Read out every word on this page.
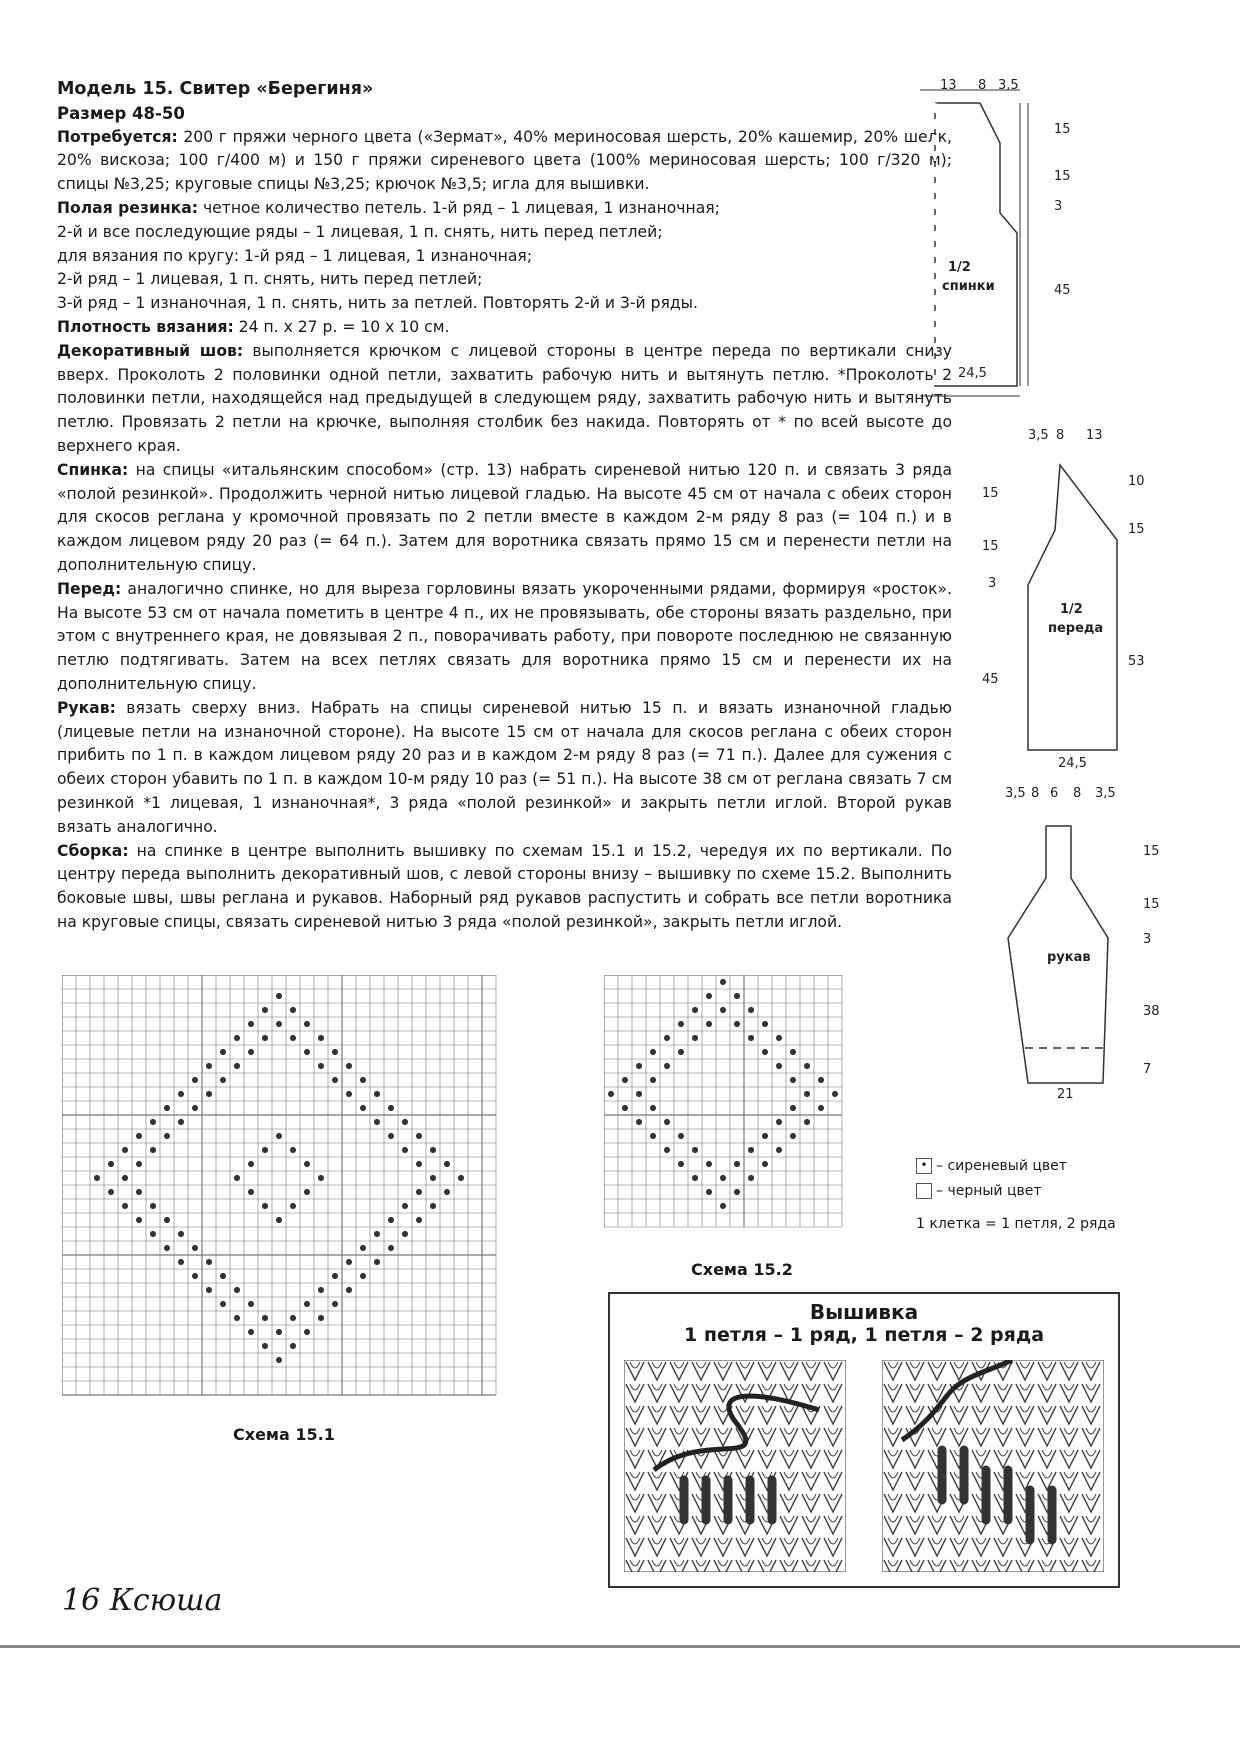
Модель 15. Свитер «Берегиня»

Размер 48-50

Потребуется: 200 г пряжи черного цвета («Зермат», 40% мериносовая шерсть, 20% кашемир, 20% шелк, 20% вискоза; 100 г/400 м) и 150 г пряжи сиреневого цвета (100% мериносовая шерсть; 100 г/320 м); спицы №3,25; круговые спицы №3,25; крючок №3,5; игла для вышивки.

Полая резинка: четное количество петель. 1-й ряд – 1 лицевая, 1 изнаночная;

2-й и все последующие ряды – 1 лицевая, 1 п. снять, нить перед петлей;

для вязания по кругу: 1-й ряд – 1 лицевая, 1 изнаночная;

2-й ряд – 1 лицевая, 1 п. снять, нить перед петлей;

3-й ряд – 1 изнаночная, 1 п. снять, нить за петлей. Повторять 2-й и 3-й ряды.

Плотность вязания: 24 п. х 27 р. = 10 х 10 см.

Декоративный шов: выполняется крючком с лицевой стороны в центре переда по вертикали снизу вверх. Проколоть 2 половинки одной петли, захватить рабочую нить и вытянуть петлю. *Проколоть 2 половинки петли, находящейся над предыдущей в следующем ряду, захватить рабочую нить и вытянуть петлю. Провязать 2 петли на крючке, выполняя столбик без накида. Повторять от * по всей высоте до верхнего края.

Спинка: на спицы «итальянским способом» (стр. 13) набрать сиреневой нитью 120 п. и связать 3 ряда «полой резинкой». Продолжить черной нитью лицевой гладью. На высоте 45 см от начала с обеих сторон для скосов реглана у кромочной провязать по 2 петли вместе в каждом 2-м ряду 8 раз (= 104 п.) и в каждом лицевом ряду 20 раз (= 64 п.). Затем для воротника связать прямо 15 см и перенести петли на дополнительную спицу.

Перед: аналогично спинке, но для выреза горловины вязать укороченными рядами, формируя «росток». На высоте 53 см от начала пометить в центре 4 п., их не провязывать, обе стороны вязать раздельно, при этом с внутреннего края, не довязывая 2 п., поворачивать работу, при повороте последнюю не связанную петлю подтягивать. Затем на всех петлях связать для воротника прямо 15 см и перенести их на дополнительную спицу.

Рукав: вязать сверху вниз. Набрать на спицы сиреневой нитью 15 п. и вязать изнаночной гладью (лицевые петли на изнаночной стороне). На высоте 15 см от начала для скосов реглана с обеих сторон прибить по 1 п. в каждом лицевом ряду 20 раз и в каждом 2-м ряду 8 раз (= 71 п.). Далее для сужения с обеих сторон убавить по 1 п. в каждом 10-м ряду 10 раз (= 51 п.). На высоте 38 см от реглана связать 7 см резинкой *1 лицевая, 1 изнаночная*, 3 ряда «полой резинкой» и закрыть петли иглой. Второй рукав вязать аналогично.

Сборка: на спинке в центре выполнить вышивку по схемам 15.1 и 15.2, чередуя их по вертикали. По центру переда выполнить декоративный шов, с левой стороны внизу – вышивку по схеме 15.2. Выполнить боковые швы, швы реглана и рукавов. Наборный ряд рукавов распустить и собрать все петли воротника на круговые спицы, связать сиреневой нитью 3 ряда «полой резинкой», закрыть петли иглой.

13 8 3,5
15
15
3
45
1/2
спинки
24,5
3,5 8 13
15
15
3
45
10
15
53
1/2
переда
24,5
3,5 8 6 8 3,5
15
15
3
38
7
рукав
21
Схема 15.1
Схема 15.2
• – сиреневый цвет
– черный цвет
1 клетка = 1 петля, 2 ряда
Вышивка
1 петля – 1 ряд, 1 петля – 2 ряда
16 Ксюша
